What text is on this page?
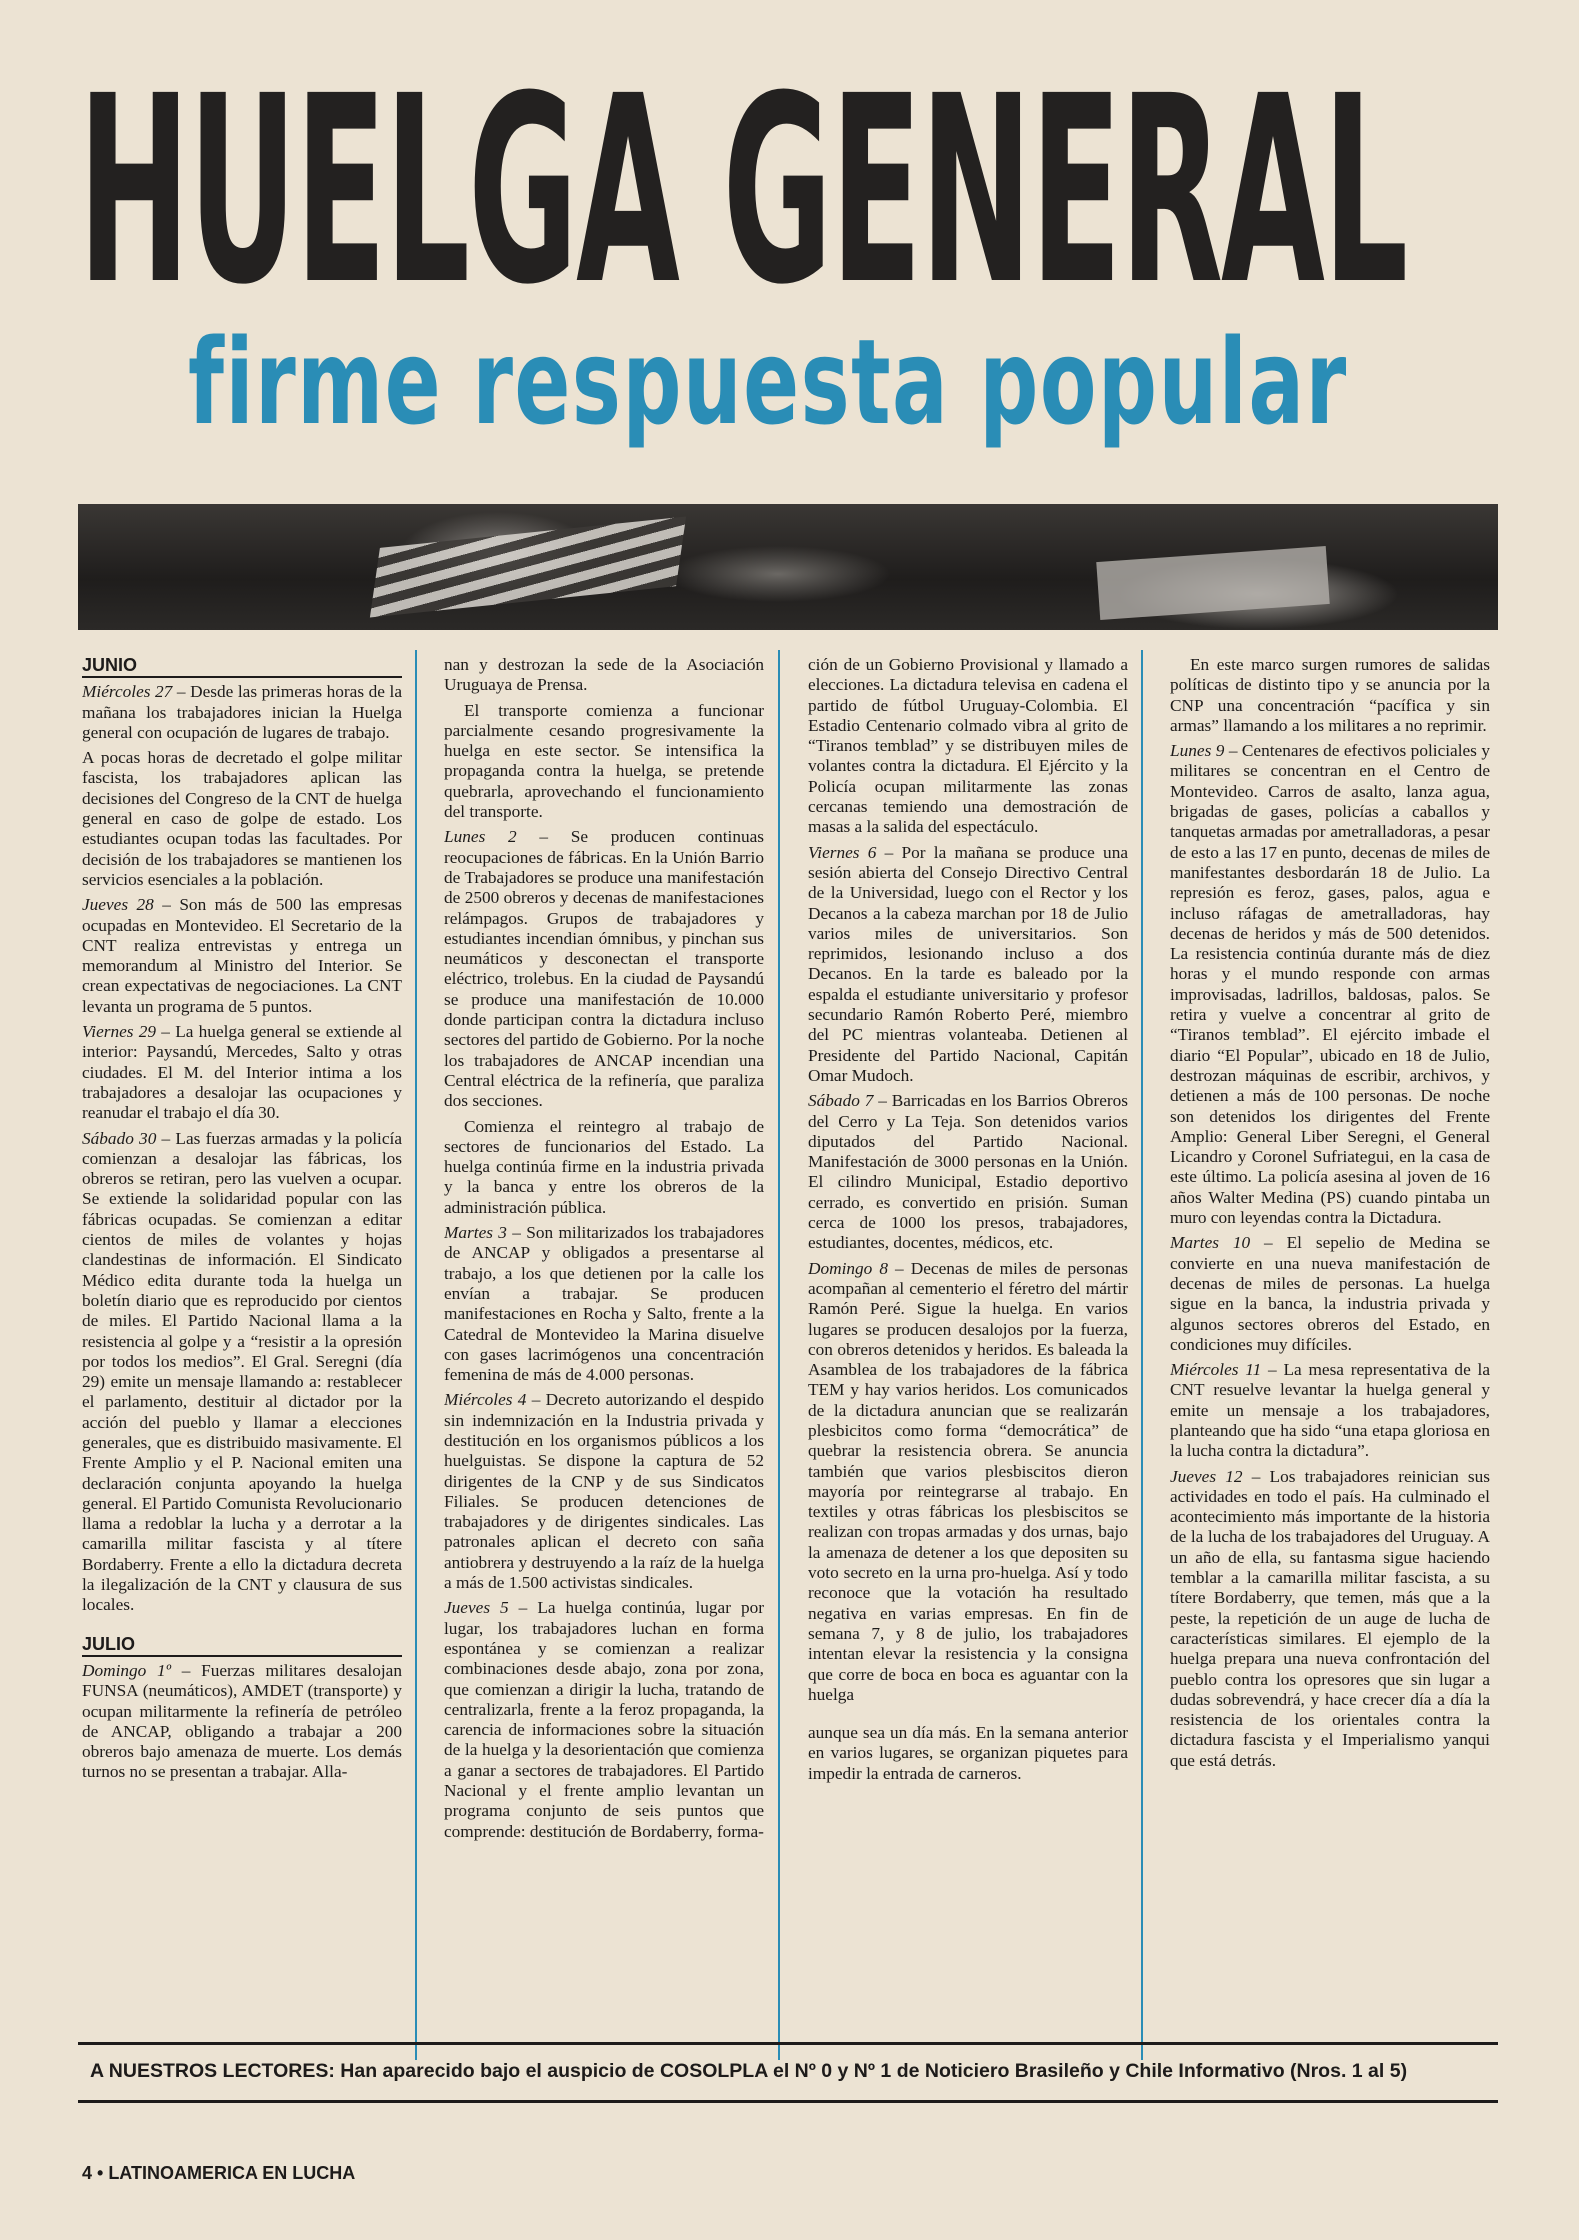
HUELGA GENERAL
firme respuesta popular
JUNIO

Miércoles 27 – Desde las primeras horas de la mañana los trabajadores inician la Huelga general con ocupación de lugares de trabajo.

A pocas horas de decretado el golpe militar fascista, los trabajadores aplican las decisiones del Congreso de la CNT de huelga general en caso de golpe de estado. Los estudiantes ocupan todas las facultades. Por decisión de los trabajadores se mantienen los servicios esenciales a la población.

Jueves 28 – Son más de 500 las empresas ocupadas en Montevideo. El Secretario de la CNT realiza entrevistas y entrega un memorandum al Ministro del Interior. Se crean expectativas de negociaciones. La CNT levanta un programa de 5 puntos.

Viernes 29 – La huelga general se extiende al interior: Paysandú, Mercedes, Salto y otras ciudades. El M. del Interior intima a los trabajadores a desalojar las ocupaciones y reanudar el trabajo el día 30.

Sábado 30 – Las fuerzas armadas y la policía comienzan a desalojar las fábricas, los obreros se retiran, pero las vuelven a ocupar. Se extiende la solidaridad popular con las fábricas ocupadas. Se comienzan a editar cientos de miles de volantes y hojas clandestinas de información. El Sindicato Médico edita durante toda la huelga un boletín diario que es reproducido por cientos de miles. El Partido Nacional llama a la resistencia al golpe y a “resistir a la opresión por todos los medios”. El Gral. Seregni (día 29) emite un mensaje llamando a: restablecer el parlamento, destituir al dictador por la acción del pueblo y llamar a elecciones generales, que es distribuido masivamente. El Frente Amplio y el P. Nacional emiten una declaración conjunta apoyando la huelga general. El Partido Comunista Revolucionario llama a redoblar la lucha y a derrotar a la camarilla militar fascista y al títere Bordaberry. Frente a ello la dictadura decreta la ilegalización de la CNT y clausura de sus locales.

JULIO

Domingo 1º – Fuerzas militares desalojan FUNSA (neumáticos), AMDET (transporte) y ocupan militarmente la refinería de petróleo de ANCAP, obligando a trabajar a 200 obreros bajo amenaza de muerte. Los demás turnos no se presentan a trabajar. Alla-

nan y destrozan la sede de la Asociación Uruguaya de Prensa.

El transporte comienza a funcionar parcialmente cesando progresivamente la huelga en este sector. Se intensifica la propaganda contra la huelga, se pretende quebrarla, aprovechando el funcionamiento del transporte.

Lunes 2 – Se producen continuas reocupaciones de fábricas. En la Unión Barrio de Trabajadores se produce una manifestación de 2500 obreros y decenas de manifestaciones relámpagos. Grupos de trabajadores y estudiantes incendian ómnibus, y pinchan sus neumáticos y desconectan el transporte eléctrico, trolebus. En la ciudad de Paysandú se produce una manifestación de 10.000 donde participan contra la dictadura incluso sectores del partido de Gobierno. Por la noche los trabajadores de ANCAP incendian una Central eléctrica de la refinería, que paraliza dos secciones.

Comienza el reintegro al trabajo de sectores de funcionarios del Estado. La huelga continúa firme en la industria privada y la banca y entre los obreros de la administración pública.

Martes 3 – Son militarizados los trabajadores de ANCAP y obligados a presentarse al trabajo, a los que detienen por la calle los envían a trabajar. Se producen manifestaciones en Rocha y Salto, frente a la Catedral de Montevideo la Marina disuelve con gases lacrimógenos una concentración femenina de más de 4.000 personas.

Miércoles 4 – Decreto autorizando el despido sin indemnización en la Industria privada y destitución en los organismos públicos a los huelguistas. Se dispone la captura de 52 dirigentes de la CNP y de sus Sindicatos Filiales. Se producen detenciones de trabajadores y de dirigentes sindicales. Las patronales aplican el decreto con saña antiobrera y destruyendo a la raíz de la huelga a más de 1.500 activistas sindicales.

Jueves 5 – La huelga continúa, lugar por lugar, los trabajadores luchan en forma espontánea y se comienzan a realizar combinaciones desde abajo, zona por zona, que comienzan a dirigir la lucha, tratando de centralizarla, frente a la feroz propaganda, la carencia de informaciones sobre la situación de la huelga y la desorientación que comienza a ganar a sectores de trabajadores. El Partido Nacional y el frente amplio levantan un programa conjunto de seis puntos que comprende: destitución de Bordaberry, forma-

ción de un Gobierno Provisional y llamado a elecciones. La dictadura televisa en cadena el partido de fútbol Uruguay-Colombia. El Estadio Centenario colmado vibra al grito de “Tiranos temblad” y se distribuyen miles de volantes contra la dictadura. El Ejército y la Policía ocupan militarmente las zonas cercanas temiendo una demostración de masas a la salida del espectáculo.

Viernes 6 – Por la mañana se produce una sesión abierta del Consejo Directivo Central de la Universidad, luego con el Rector y los Decanos a la cabeza marchan por 18 de Julio varios miles de universitarios. Son reprimidos, lesionando incluso a dos Decanos. En la tarde es baleado por la espalda el estudiante universitario y profesor secundario Ramón Roberto Peré, miembro del PC mientras volanteaba. Detienen al Presidente del Partido Nacional, Capitán Omar Mudoch.

Sábado 7 – Barricadas en los Barrios Obreros del Cerro y La Teja. Son detenidos varios diputados del Partido Nacional. Manifestación de 3000 personas en la Unión. El cilindro Municipal, Estadio deportivo cerrado, es convertido en prisión. Suman cerca de 1000 los presos, trabajadores, estudiantes, docentes, médicos, etc.

Domingo 8 – Decenas de miles de personas acompañan al cementerio el féretro del mártir Ramón Peré. Sigue la huelga. En varios lugares se producen desalojos por la fuerza, con obreros detenidos y heridos. Es baleada la Asamblea de los trabajadores de la fábrica TEM y hay varios heridos. Los comunicados de la dictadura anuncian que se realizarán plesbicitos como forma “democrática” de quebrar la resistencia obrera. Se anuncia también que varios plesbiscitos dieron mayoría por reintegrarse al trabajo. En textiles y otras fábricas los plesbiscitos se realizan con tropas armadas y dos urnas, bajo la amenaza de detener a los que depositen su voto secreto en la urna pro-huelga. Así y todo reconoce que la votación ha resultado negativa en varias empresas. En fin de semana 7, y 8 de julio, los trabajadores intentan elevar la resistencia y la consigna que corre de boca en boca es aguantar con la huelga

aunque sea un día más. En la semana anterior en varios lugares, se organizan piquetes para impedir la entrada de carneros.

En este marco surgen rumores de salidas políticas de distinto tipo y se anuncia por la CNP una concentración “pacífica y sin armas” llamando a los militares a no reprimir.

Lunes 9 – Centenares de efectivos policiales y militares se concentran en el Centro de Montevideo. Carros de asalto, lanza agua, brigadas de gases, policías a caballos y tanquetas armadas por ametralladoras, a pesar de esto a las 17 en punto, decenas de miles de manifestantes desbordarán 18 de Julio. La represión es feroz, gases, palos, agua e incluso ráfagas de ametralladoras, hay decenas de heridos y más de 500 detenidos. La resistencia continúa durante más de diez horas y el mundo responde con armas improvisadas, ladrillos, baldosas, palos. Se retira y vuelve a concentrar al grito de “Tiranos temblad”. El ejército imbade el diario “El Popular”, ubicado en 18 de Julio, destrozan máquinas de escribir, archivos, y detienen a más de 100 personas. De noche son detenidos los dirigentes del Frente Amplio: General Liber Seregni, el General Licandro y Coronel Sufriategui, en la casa de este último. La policía asesina al joven de 16 años Walter Medina (PS) cuando pintaba un muro con leyendas contra la Dictadura.

Martes 10 – El sepelio de Medina se convierte en una nueva manifestación de decenas de miles de personas. La huelga sigue en la banca, la industria privada y algunos sectores obreros del Estado, en condiciones muy difíciles.

Miércoles 11 – La mesa representativa de la CNT resuelve levantar la huelga general y emite un mensaje a los trabajadores, planteando que ha sido “una etapa gloriosa en la lucha contra la dictadura”.

Jueves 12 – Los trabajadores reinician sus actividades en todo el país. Ha culminado el acontecimiento más importante de la historia de la lucha de los trabajadores del Uruguay. A un año de ella, su fantasma sigue haciendo temblar a la camarilla militar fascista, a su títere Bordaberry, que temen, más que a la peste, la repetición de un auge de lucha de características similares. El ejemplo de la huelga prepara una nueva confrontación del pueblo contra los opresores que sin lugar a dudas sobrevendrá, y hace crecer día a día la resistencia de los orientales contra la dictadura fascista y el Imperialismo yanqui que está detrás.

A NUESTROS LECTORES: Han aparecido bajo el auspicio de COSOLPLA el Nº 0 y Nº 1 de Noticiero Brasileño y Chile Informativo (Nros. 1 al 5)
4 • LATINOAMERICA EN LUCHA
